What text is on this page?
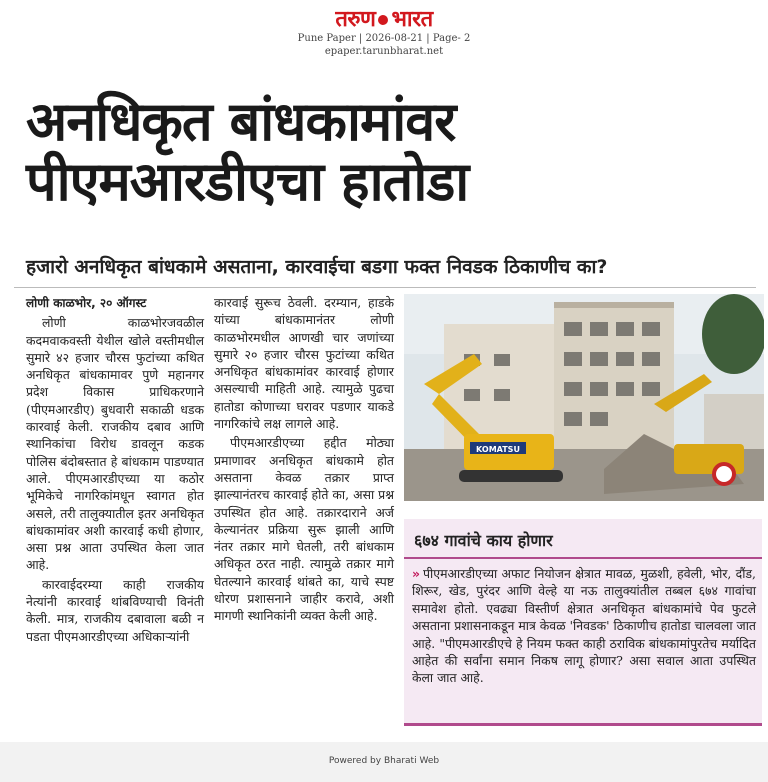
तरुण भारत
Pune Paper | 2026-08-21 | Page- 2
epaper.tarunbharat.net
अनधिकृत बांधकामांवर
पीएमआरडीएचा हातोडा
हजारो अनधिकृत बांधकामे असताना, कारवाईचा बडगा फक्त निवडक ठिकाणीच का?

लोणी काळभोर, २० ऑगस्ट

लोणी काळभोरजवळील कदमवाकवस्ती येथील खोले वस्तीमधील सुमारे ४२ हजार चौरस फुटांच्या कथित अनधिकृत बांधकामावर पुणे महानगर प्रदेश विकास प्राधिकरणाने (पीएमआरडीए) बुधवारी सकाळी धडक कारवाई केली. राजकीय दबाव आणि स्थानिकांचा विरोध डावलून कडक पोलिस बंदोबस्तात हे बांधकाम पाडण्यात आले. पीएमआरडीएच्या या कठोर भूमिकेचे नागरिकांमधून स्वागत होत असले, तरी तालुक्यातील इतर अनधिकृत बांधकामांवर अशी कारवाई कधी होणार, असा प्रश्न आता उपस्थित केला जात आहे.

कारवाईदरम्या काही राजकीय नेत्यांनी कारवाई थांबविण्याची विनंती केली. मात्र, राजकीय दबावाला बळी न पडता पीएमआरडीएच्या अधिकाऱ्यांनी

कारवाई सुरूच ठेवली. दरम्यान, हाडके यांच्या बांधकामानंतर लोणी काळभोरमधील आणखी चार जणांच्या सुमारे २० हजार चौरस फुटांच्या कथित अनधिकृत बांधकामांवर कारवाई होणार असल्याची माहिती आहे. त्यामुळे पुढचा हातोडा कोणाच्या घरावर पडणार याकडे नागरिकांचे लक्ष लागले आहे.

पीएमआरडीएच्या हद्दीत मोठ्या प्रमाणावर अनधिकृत बांधकामे होत असताना केवळ तक्रार प्राप्त झाल्यानंतरच कारवाई होते का, असा प्रश्न उपस्थित होत आहे. तक्रारदाराने अर्ज केल्यानंतर प्रक्रिया सुरू झाली आणि नंतर तक्रार मागे घेतली, तरी बांधकाम अधिकृत ठरत नाही. त्यामुळे तक्रार मागे घेतल्याने कारवाई थांबते का, याचे स्पष्ट धोरण प्रशासनाने जाहीर करावे, अशी मागणी स्थानिकांनी व्यक्त केली आहे.

KOMATSU
६७४ गावांचे काय होणार

» पीएमआरडीएच्या अफाट नियोजन क्षेत्रात मावळ, मुळशी, हवेली, भोर, दौंड, शिरूर, खेड, पुरंदर आणि वेल्हे या नऊ तालुक्यांतील तब्बल ६७४ गावांचा समावेश होतो. एवढ्या विस्तीर्ण क्षेत्रात अनधिकृत बांधकामांचे पेव फुटले असताना प्रशासनाकडून मात्र केवळ 'निवडक' ठिकाणीच हातोडा चालवला जात आहे. "पीएमआरडीएचे हे नियम फक्त काही ठराविक बांधकामांपुरतेच मर्यादित आहेत की सर्वांना समान निकष लागू होणार? असा सवाल आता उपस्थित केला जात आहे.

Powered by Bharati Web
